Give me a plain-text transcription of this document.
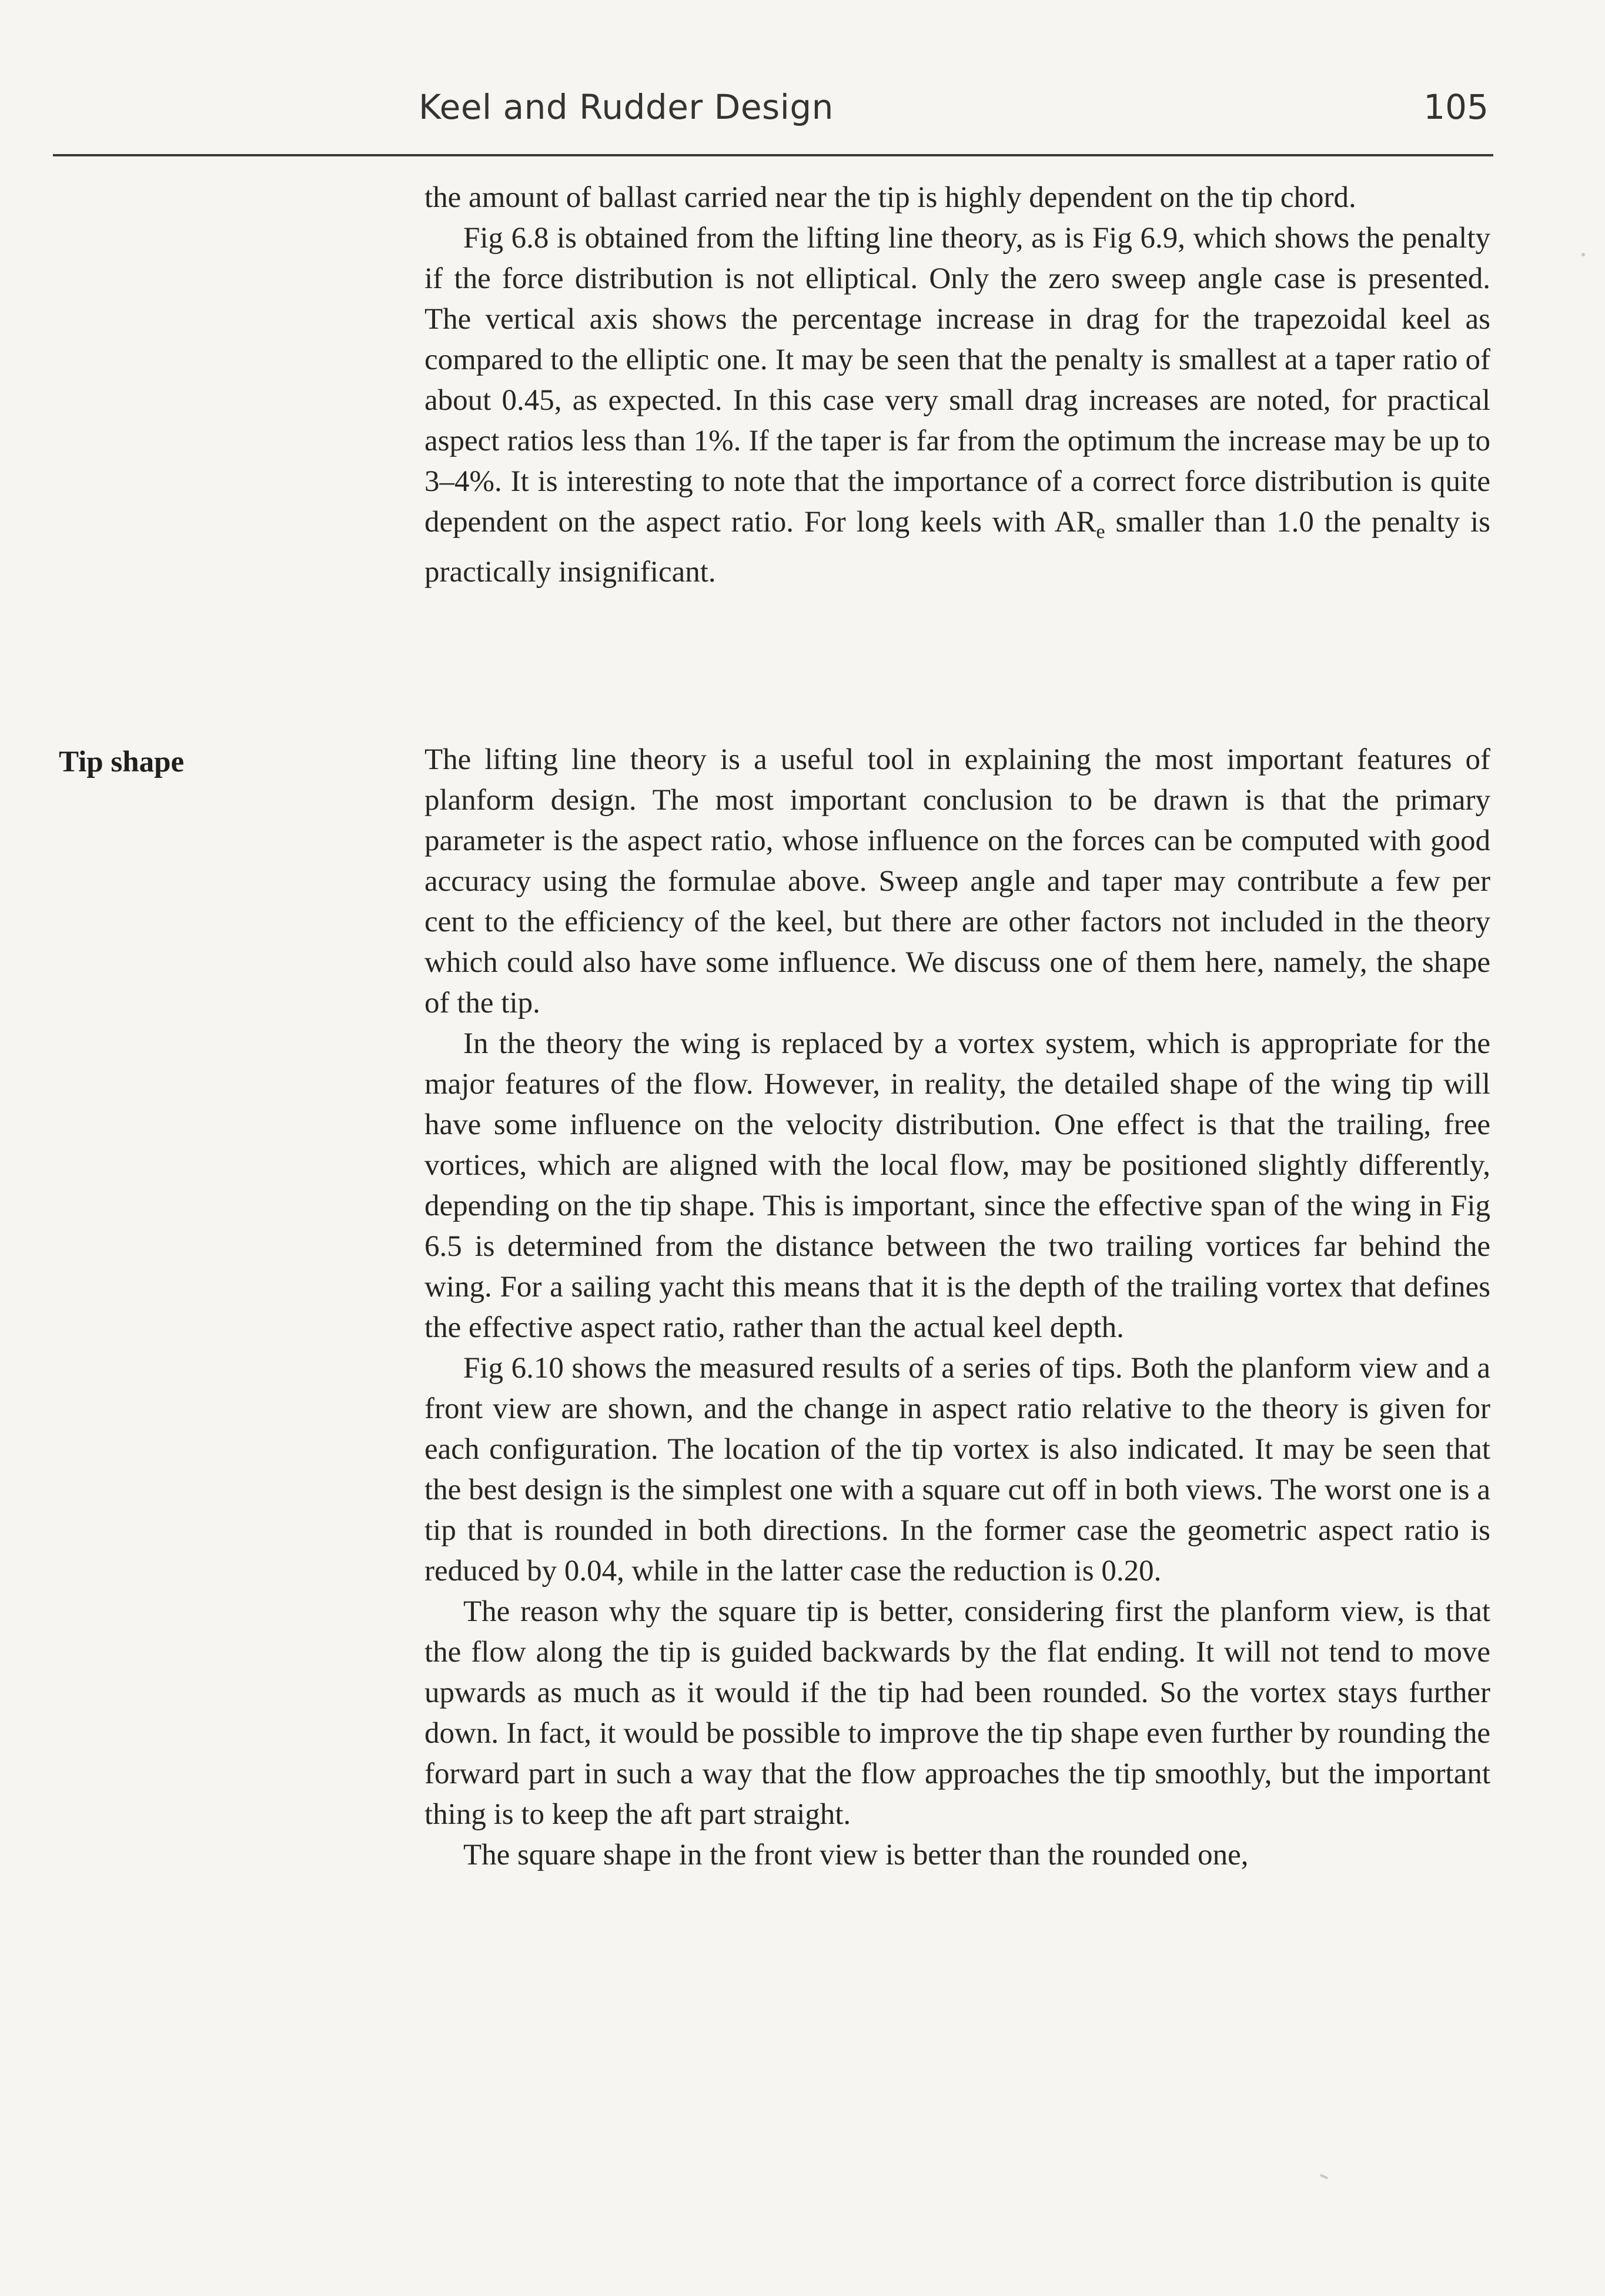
Keel and Rudder Design	105

the amount of ballast carried near the tip is highly dependent on the tip chord.

Fig 6.8 is obtained from the lifting line theory, as is Fig 6.9, which shows the penalty if the force distribution is not elliptical. Only the zero sweep angle case is presented. The vertical axis shows the percentage increase in drag for the trapezoidal keel as compared to the elliptic one. It may be seen that the penalty is smallest at a taper ratio of about 0.45, as expected. In this case very small drag increases are noted, for practical aspect ratios less than 1%. If the taper is far from the optimum the increase may be up to 3–4%. It is interesting to note that the importance of a correct force distribution is quite dependent on the aspect ratio. For long keels with $AR_e$ smaller than 1.0 the penalty is practically insignificant.

Tip shape	The lifting line theory is a useful tool in explaining the most important features of planform design. The most important conclusion to be drawn is that the primary parameter is the aspect ratio, whose influence on the forces can be computed with good accuracy using the formulae above. Sweep angle and taper may contribute a few per cent to the efficiency of the keel, but there are other factors not included in the theory which could also have some influence. We discuss one of them here, namely, the shape of the tip.

In the theory the wing is replaced by a vortex system, which is appropriate for the major features of the flow. However, in reality, the detailed shape of the wing tip will have some influence on the velocity distribution. One effect is that the trailing, free vortices, which are aligned with the local flow, may be positioned slightly differently, depending on the tip shape. This is important, since the effective span of the wing in Fig 6.5 is determined from the distance between the two trailing vortices far behind the wing. For a sailing yacht this means that it is the depth of the trailing vortex that defines the effective aspect ratio, rather than the actual keel depth.

Fig 6.10 shows the measured results of a series of tips. Both the planform view and a front view are shown, and the change in aspect ratio relative to the theory is given for each configuration. The location of the tip vortex is also indicated. It may be seen that the best design is the simplest one with a square cut off in both views. The worst one is a tip that is rounded in both directions. In the former case the geometric aspect ratio is reduced by 0.04, while in the latter case the reduction is 0.20.

The reason why the square tip is better, considering first the planform view, is that the flow along the tip is guided backwards by the flat ending. It will not tend to move upwards as much as it would if the tip had been rounded. So the vortex stays further down. In fact, it would be possible to improve the tip shape even further by rounding the forward part in such a way that the flow approaches the tip smoothly, but the important thing is to keep the aft part straight.

The square shape in the front view is better than the rounded one,
